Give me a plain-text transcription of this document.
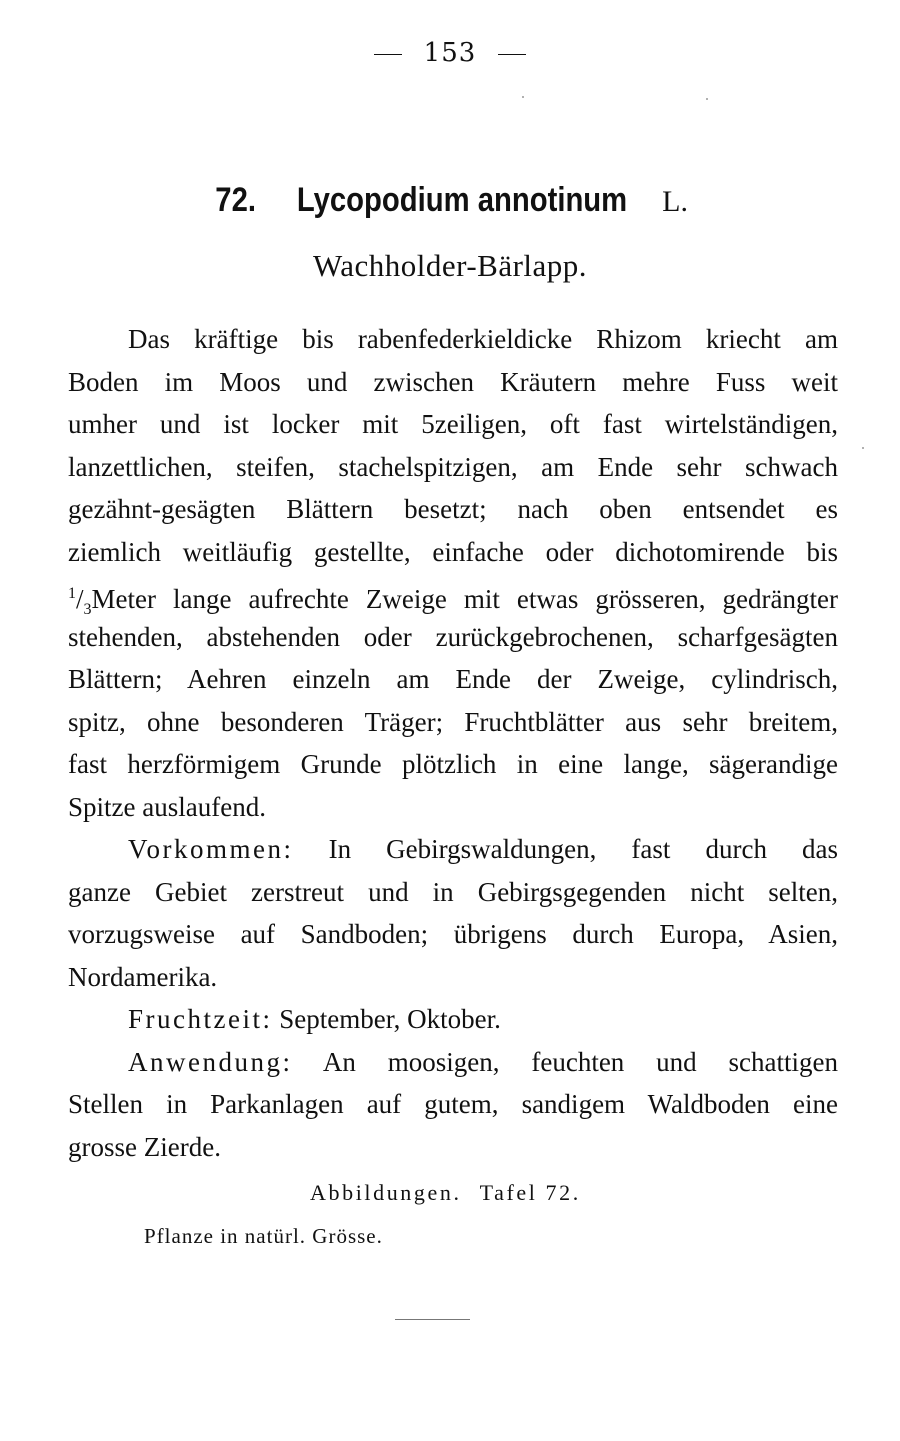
153
72. Lycopodium annotinum L.
Wachholder-Bärlapp.
Das kräftige bis rabenfederkieldicke Rhizom kriecht am
Boden im Moos und zwischen Kräutern mehre Fuss weit
umher und ist locker mit 5zeiligen, oft fast wirtelständigen,
lanzettlichen, steifen, stachelspitzigen, am Ende sehr schwach
gezähnt-gesägten Blättern besetzt; nach oben entsendet es
ziemlich weitläufig gestellte, einfache oder dichotomirende bis
$^1/_3Meter$ lange aufrechte Zweige mit etwas grösseren, gedrängter
stehenden, abstehenden oder zurückgebrochenen, scharfgesägten
Blättern; Aehren einzeln am Ende der Zweige, cylindrisch,
spitz, ohne besonderen Träger; Fruchtblätter aus sehr breitem,
fast herzförmigem Grunde plötzlich in eine lange, sägerandige
Spitze auslaufend.
Vorkommen: In Gebirgswaldungen, fast durch das
ganze Gebiet zerstreut und in Gebirgsgegenden nicht selten,
vorzugsweise auf Sandboden; übrigens durch Europa, Asien,
Nordamerika.
Fruchtzeit: September, Oktober.
Anwendung: An moosigen, feuchten und schattigen
Stellen in Parkanlagen auf gutem, sandigem Waldboden eine
grosse Zierde.
Abbildungen. Tafel 72.
Pflanze in natürl. Grösse.
